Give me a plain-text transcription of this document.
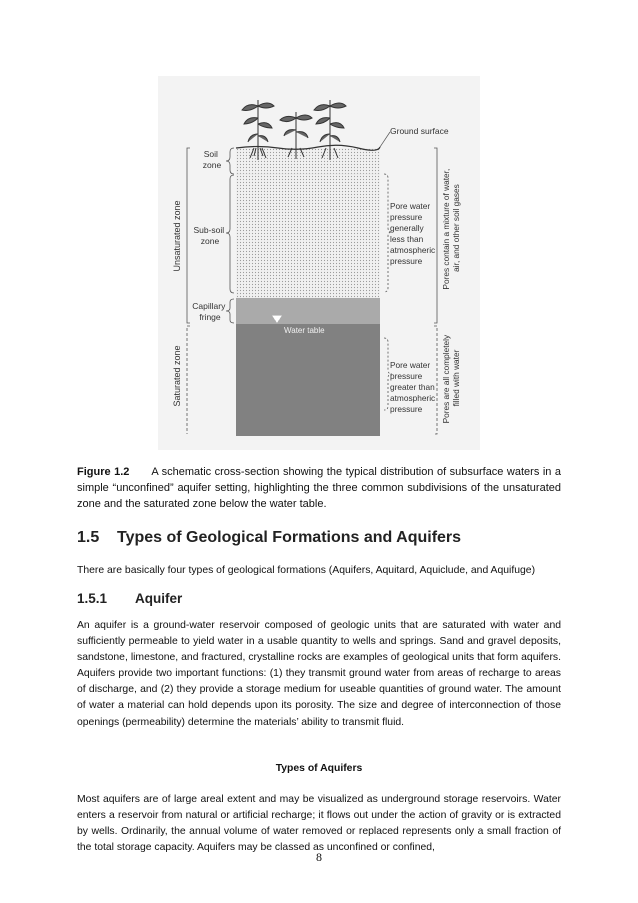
Ground surface
Water table
Soil zone
Sub-soil zone
Capillary fringe
Unsaturated zone
Saturated zone
Pore water pressure generally less than atmospheric pressure
Pore water pressure greater than atmospheric pressure
Pores contain a mixture of water, air, and other soil gases
Pores are all completely filled with water
Figure 1.2 A schematic cross-section showing the typical distribution of subsurface waters in a simple “unconfined” aquifer setting, highlighting the three common subdivisions of the unsaturated zone and the saturated zone below the water table.
1.5 Types of Geological Formations and Aquifers

There are basically four types of geological formations (Aquifers, Aquitard, Aquiclude, and Aquifuge)

1.5.1 Aquifer

An aquifer is a ground-water reservoir composed of geologic units that are saturated with water and sufficiently permeable to yield water in a usable quantity to wells and springs. Sand and gravel deposits, sandstone, limestone, and fractured, crystalline rocks are examples of geological units that form aquifers. Aquifers provide two important functions: (1) they transmit ground water from areas of recharge to areas of discharge, and (2) they provide a storage medium for useable quantities of ground water. The amount of water a material can hold depends upon its porosity. The size and degree of interconnection of those openings (permeability) determine the materials’ ability to transmit fluid.

Types of Aquifers

Most aquifers are of large areal extent and may be visualized as underground storage reservoirs. Water enters a reservoir from natural or artificial recharge; it flows out under the action of gravity or is extracted by wells. Ordinarily, the annual volume of water removed or replaced represents only a small fraction of the total storage capacity. Aquifers may be classed as unconfined or confined,

8
